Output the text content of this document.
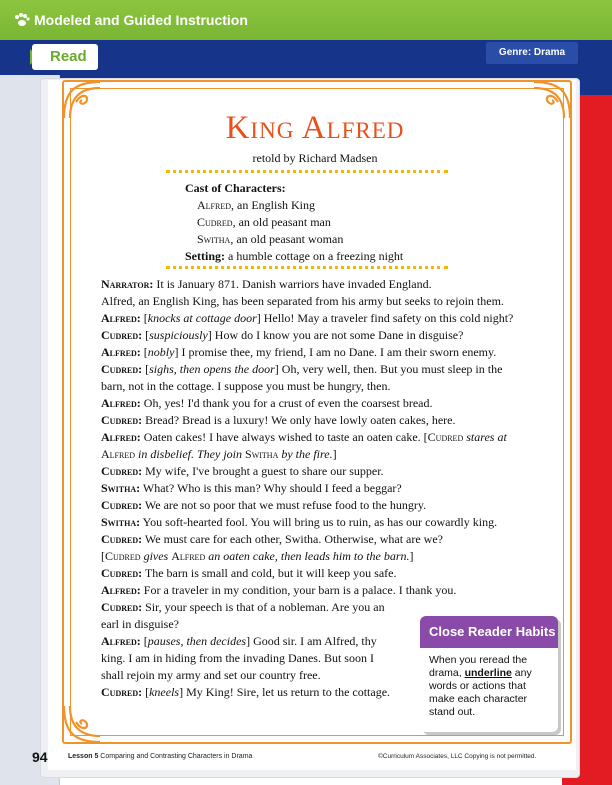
Modeled and Guided Instruction
Read	Genre: Drama
King Alfred
retold by Richard Madsen
Cast of Characters:
Alfred, an English King
Cudred, an old peasant man
Switha, an old peasant woman
Setting: a humble cottage on a freezing night
Narrator: It is January 871. Danish warriors have invaded England.
Alfred, an English King, has been separated from his army but seeks to rejoin them.
Alfred: [knocks at cottage door] Hello! May a traveler find safety on this cold night?
Cudred: [suspiciously] How do I know you are not some Dane in disguise?
Alfred: [nobly] I promise thee, my friend, I am no Dane. I am their sworn enemy.
Cudred: [sighs, then opens the door] Oh, very well, then. But you must sleep in the
barn, not in the cottage. I suppose you must be hungry, then.
Alfred: Oh, yes! I'd thank you for a crust of even the coarsest bread.
Cudred: Bread? Bread is a luxury! We only have lowly oaten cakes, here.
Alfred: Oaten cakes! I have always wished to taste an oaten cake. [Cudred stares at
Alfred in disbelief. They join Switha by the fire.]
Cudred: My wife, I've brought a guest to share our supper.
Switha: What? Who is this man? Why should I feed a beggar?
Cudred: We are not so poor that we must refuse food to the hungry.
Switha: You soft-hearted fool. You will bring us to ruin, as has our cowardly king.
Cudred: We must care for each other, Switha. Otherwise, what are we?
[Cudred gives Alfred an oaten cake, then leads him to the barn.]
Cudred: The barn is small and cold, but it will keep you safe.
Alfred: For a traveler in my condition, your barn is a palace. I thank you.
Cudred: Sir, your speech is that of a nobleman. Are you an
earl in disguise?
Alfred: [pauses, then decides] Good sir. I am Alfred, thy
king. I am in hiding from the invading Danes. But soon I
shall rejoin my army and set our country free.
Cudred: [kneels] My King! Sire, let us return to the cottage.
Close Reader Habits
When you reread the drama, underline any words or actions that make each character stand out.
94	Lesson 5 Comparing and Contrasting Characters in Drama	©Curriculum Associates, LLC Copying is not permitted.
